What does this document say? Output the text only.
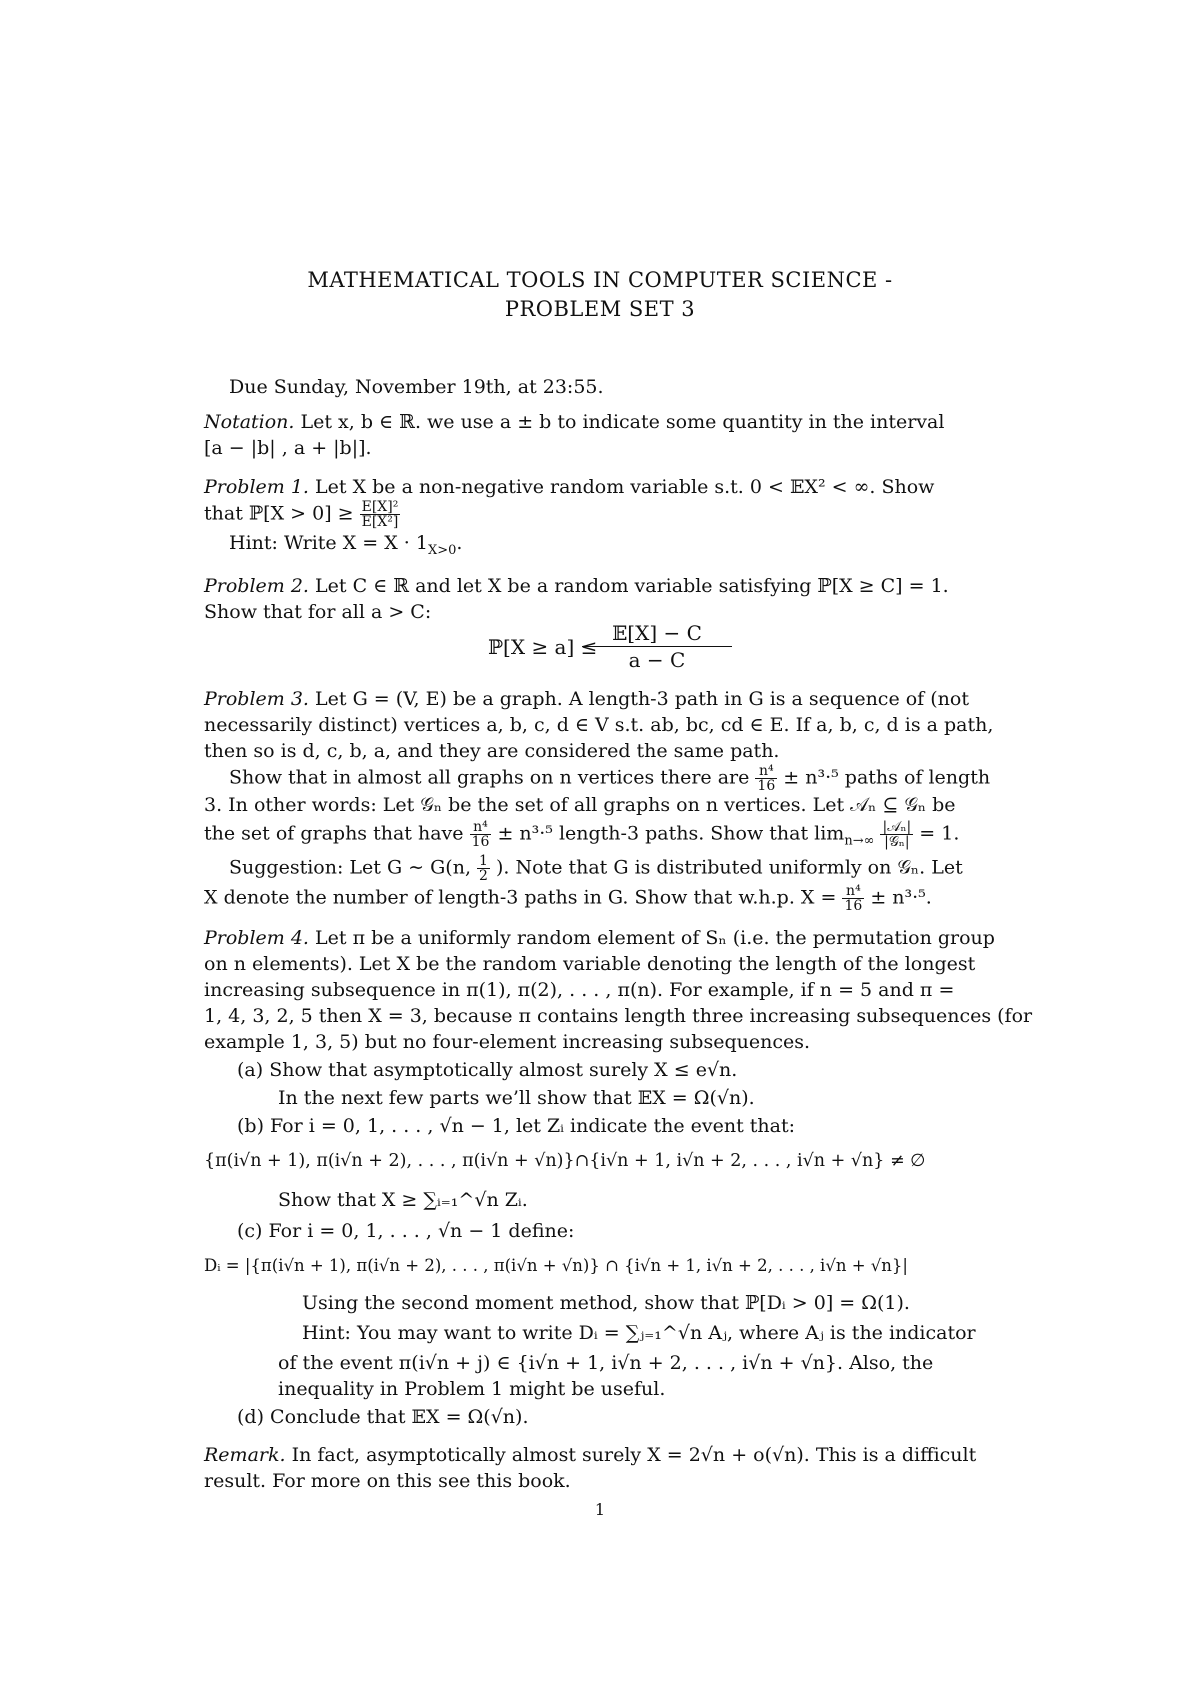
MATHEMATICAL TOOLS IN COMPUTER SCIENCE -
PROBLEM SET 3
Due Sunday, November 19th, at 23:55.
Notation. Let x, b ∈ ℝ. we use a ± b to indicate some quantity in the interval
[a − |b| , a + |b|].
Problem 1. Let X be a non-negative random variable s.t. 0 < 𝔼X² < ∞. Show
that ℙ[X > $0] \ge \frac{\text{E[X]²}}{\text{E[X²]}}$
Hint: Write $X = X \cdot 1_{X>0}$.
Problem 2. Let C ∈ ℝ and let X be a random variable satisfying ℙ[X ≥ C] = 1.
Show that for all a > C:
ℙ[X ≥ a] ≤
𝔼[X] − C
a − C
Problem 3. Let G = (V, E) be a graph. A length-3 path in G is a sequence of (not
necessarily distinct) vertices a, b, c, d ∈ V s.t. ab, bc, cd ∈ E. If a, b, c, d is a path,
then so is d, c, b, a, and they are considered the same path.
Show that in almost all graphs on n vertices there are $\frac{\text{n⁴}}{16} \pm n^3\cdot^5$ paths of length
3. In other words: Let 𝒢ₙ be the set of all graphs on n vertices. Let 𝒜ₙ ⊆ 𝒢ₙ be
the set of graphs that have $\frac{\text{n⁴}}{16} \pm n^3\cdot^5$ length-3 paths. Show that $\lim_{n\to\infty} \frac{\text{|𝒜ₙ|}}{\text{|𝒢ₙ|}} = 1$.
Suggestion: Let G ∼ G(n, $\frac{1}{2}$ ). Note that G is distributed uniformly on 𝒢ₙ. Let
X denote the number of length-3 paths in G. Show that w.h.p. $X = \frac{\text{n⁴}}{16} \pm n^3\cdot^5$.
Problem 4. Let π be a uniformly random element of Sₙ (i.e. the permutation group
on n elements). Let X be the random variable denoting the length of the longest
increasing subsequence in π(1), π(2), . . . , π(n). For example, if n = 5 and π =
1, 4, 3, 2, 5 then X = 3, because π contains length three increasing subsequences (for
example 1, 3, 5) but no four-element increasing subsequences.
(a) Show that asymptotically almost surely X ≤ e√n.
In the next few parts we’ll show that 𝔼X = Ω(√n).
(b) For i = 0, 1, . . . , √n − 1, let Zᵢ indicate the event that:
{π(i√n + 1), π(i√n + 2), . . . , π(i√n + √n)}∩{i√n + 1, i√n + 2, . . . , i√n + √n} ≠ ∅
Show that X ≥ ∑ᵢ₌₁^√n Zᵢ.
(c) For i = 0, 1, . . . , √n − 1 define:
Dᵢ = |{π(i√n + 1), π(i√n + 2), . . . , π(i√n + √n)} ∩ {i√n + 1, i√n + 2, . . . , i√n + √n}|
Using the second moment method, show that ℙ[Dᵢ > 0] = Ω(1).
Hint: You may want to write Dᵢ = ∑ⱼ₌₁^√n Aⱼ, where Aⱼ is the indicator
of the event π(i√n + j) ∈ {i√n + 1, i√n + 2, . . . , i√n + √n}. Also, the
inequality in Problem 1 might be useful.
(d) Conclude that 𝔼X = Ω(√n).
Remark. In fact, asymptotically almost surely X = 2√n + o(√n). This is a difficult
result. For more on this see this book.
1
